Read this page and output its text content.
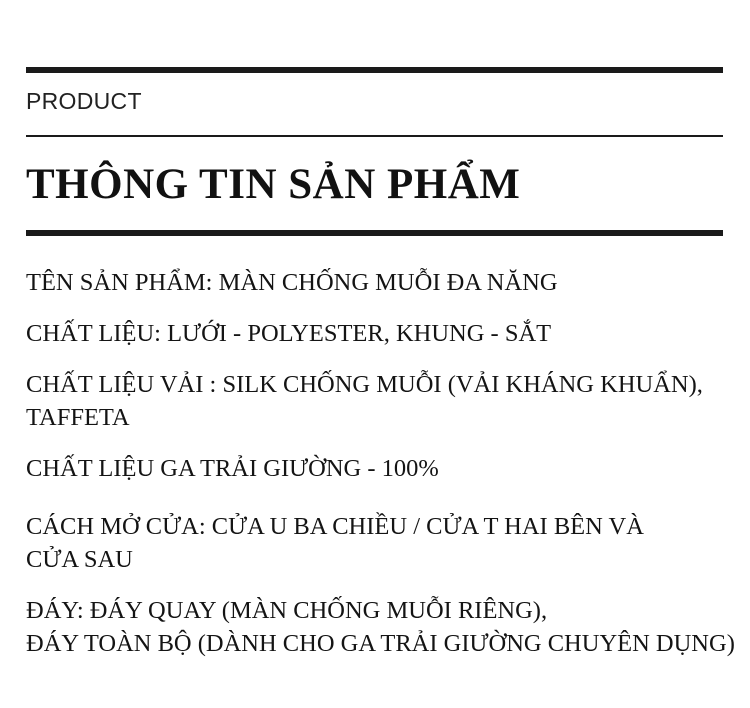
PRODUCT
THÔNG TIN SẢN PHẨM
TÊN SẢN PHẨM: MÀN CHỐNG MUỖI ĐA NĂNG
CHẤT LIỆU: LƯỚI - POLYESTER, KHUNG - SẮT
CHẤT LIỆU VẢI : SILK CHỐNG MUỖI (VẢI KHÁNG KHUẨN),
TAFFETA
CHẤT LIỆU GA TRẢI GIƯỜNG - 100%
CÁCH MỞ CỬA: CỬA U BA CHIỀU / CỬA T HAI BÊN VÀ
CỬA SAU
ĐÁY: ĐÁY QUAY (MÀN CHỐNG MUỖI RIÊNG),
ĐÁY TOÀN BỘ (DÀNH CHO GA TRẢI GIƯỜNG CHUYÊN DỤNG)
